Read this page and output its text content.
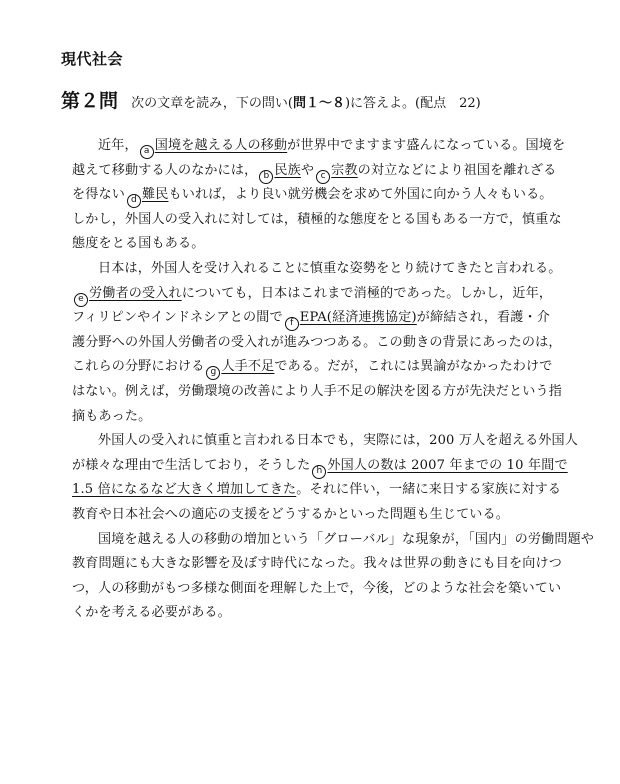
現代社会
第２問 次の文章を読み，下の問い(問１～８)に答えよ。(配点　22)
近年， a 国境を越える人の移動が世界中でますます盛んになっている。国境を
越えて移動する人のなかには， b 民族や c 宗教の対立などにより祖国を離れざる
を得ない d 難民もいれば，より良い就労機会を求めて外国に向かう人々もいる。
しかし，外国人の受入れに対しては，積極的な態度をとる国もある一方で，慎重な
態度をとる国もある。
日本は，外国人を受け入れることに慎重な姿勢をとり続けてきたと言われる。
e 労働者の受入れについても，日本はこれまで消極的であった。しかし，近年，
フィリピンやインドネシアとの間で f EPA(経済連携協定)が締結され，看護・介
護分野への外国人労働者の受入れが進みつつある。この動きの背景にあったのは，
これらの分野における g 人手不足である。だが，これには異論がなかったわけで
はない。例えば，労働環境の改善により人手不足の解決を図る方が先決だという指
摘もあった。
外国人の受入れに慎重と言われる日本でも，実際には，200 万人を超える外国人
が様々な理由で生活しており，そうした h 外国人の数は 2007 年までの 10 年間で
1.5 倍になるなど大きく増加してきた。それに伴い，一緒に来日する家族に対する
教育や日本社会への適応の支援をどうするかといった問題も生じている。
国境を越える人の移動の増加という「グローバル」な現象が，「国内」の労働問題や
教育問題にも大きな影響を及ぼす時代になった。我々は世界の動きにも目を向けつ
つ，人の移動がもつ多様な側面を理解した上で，今後，どのような社会を築いてい
くかを考える必要がある。
